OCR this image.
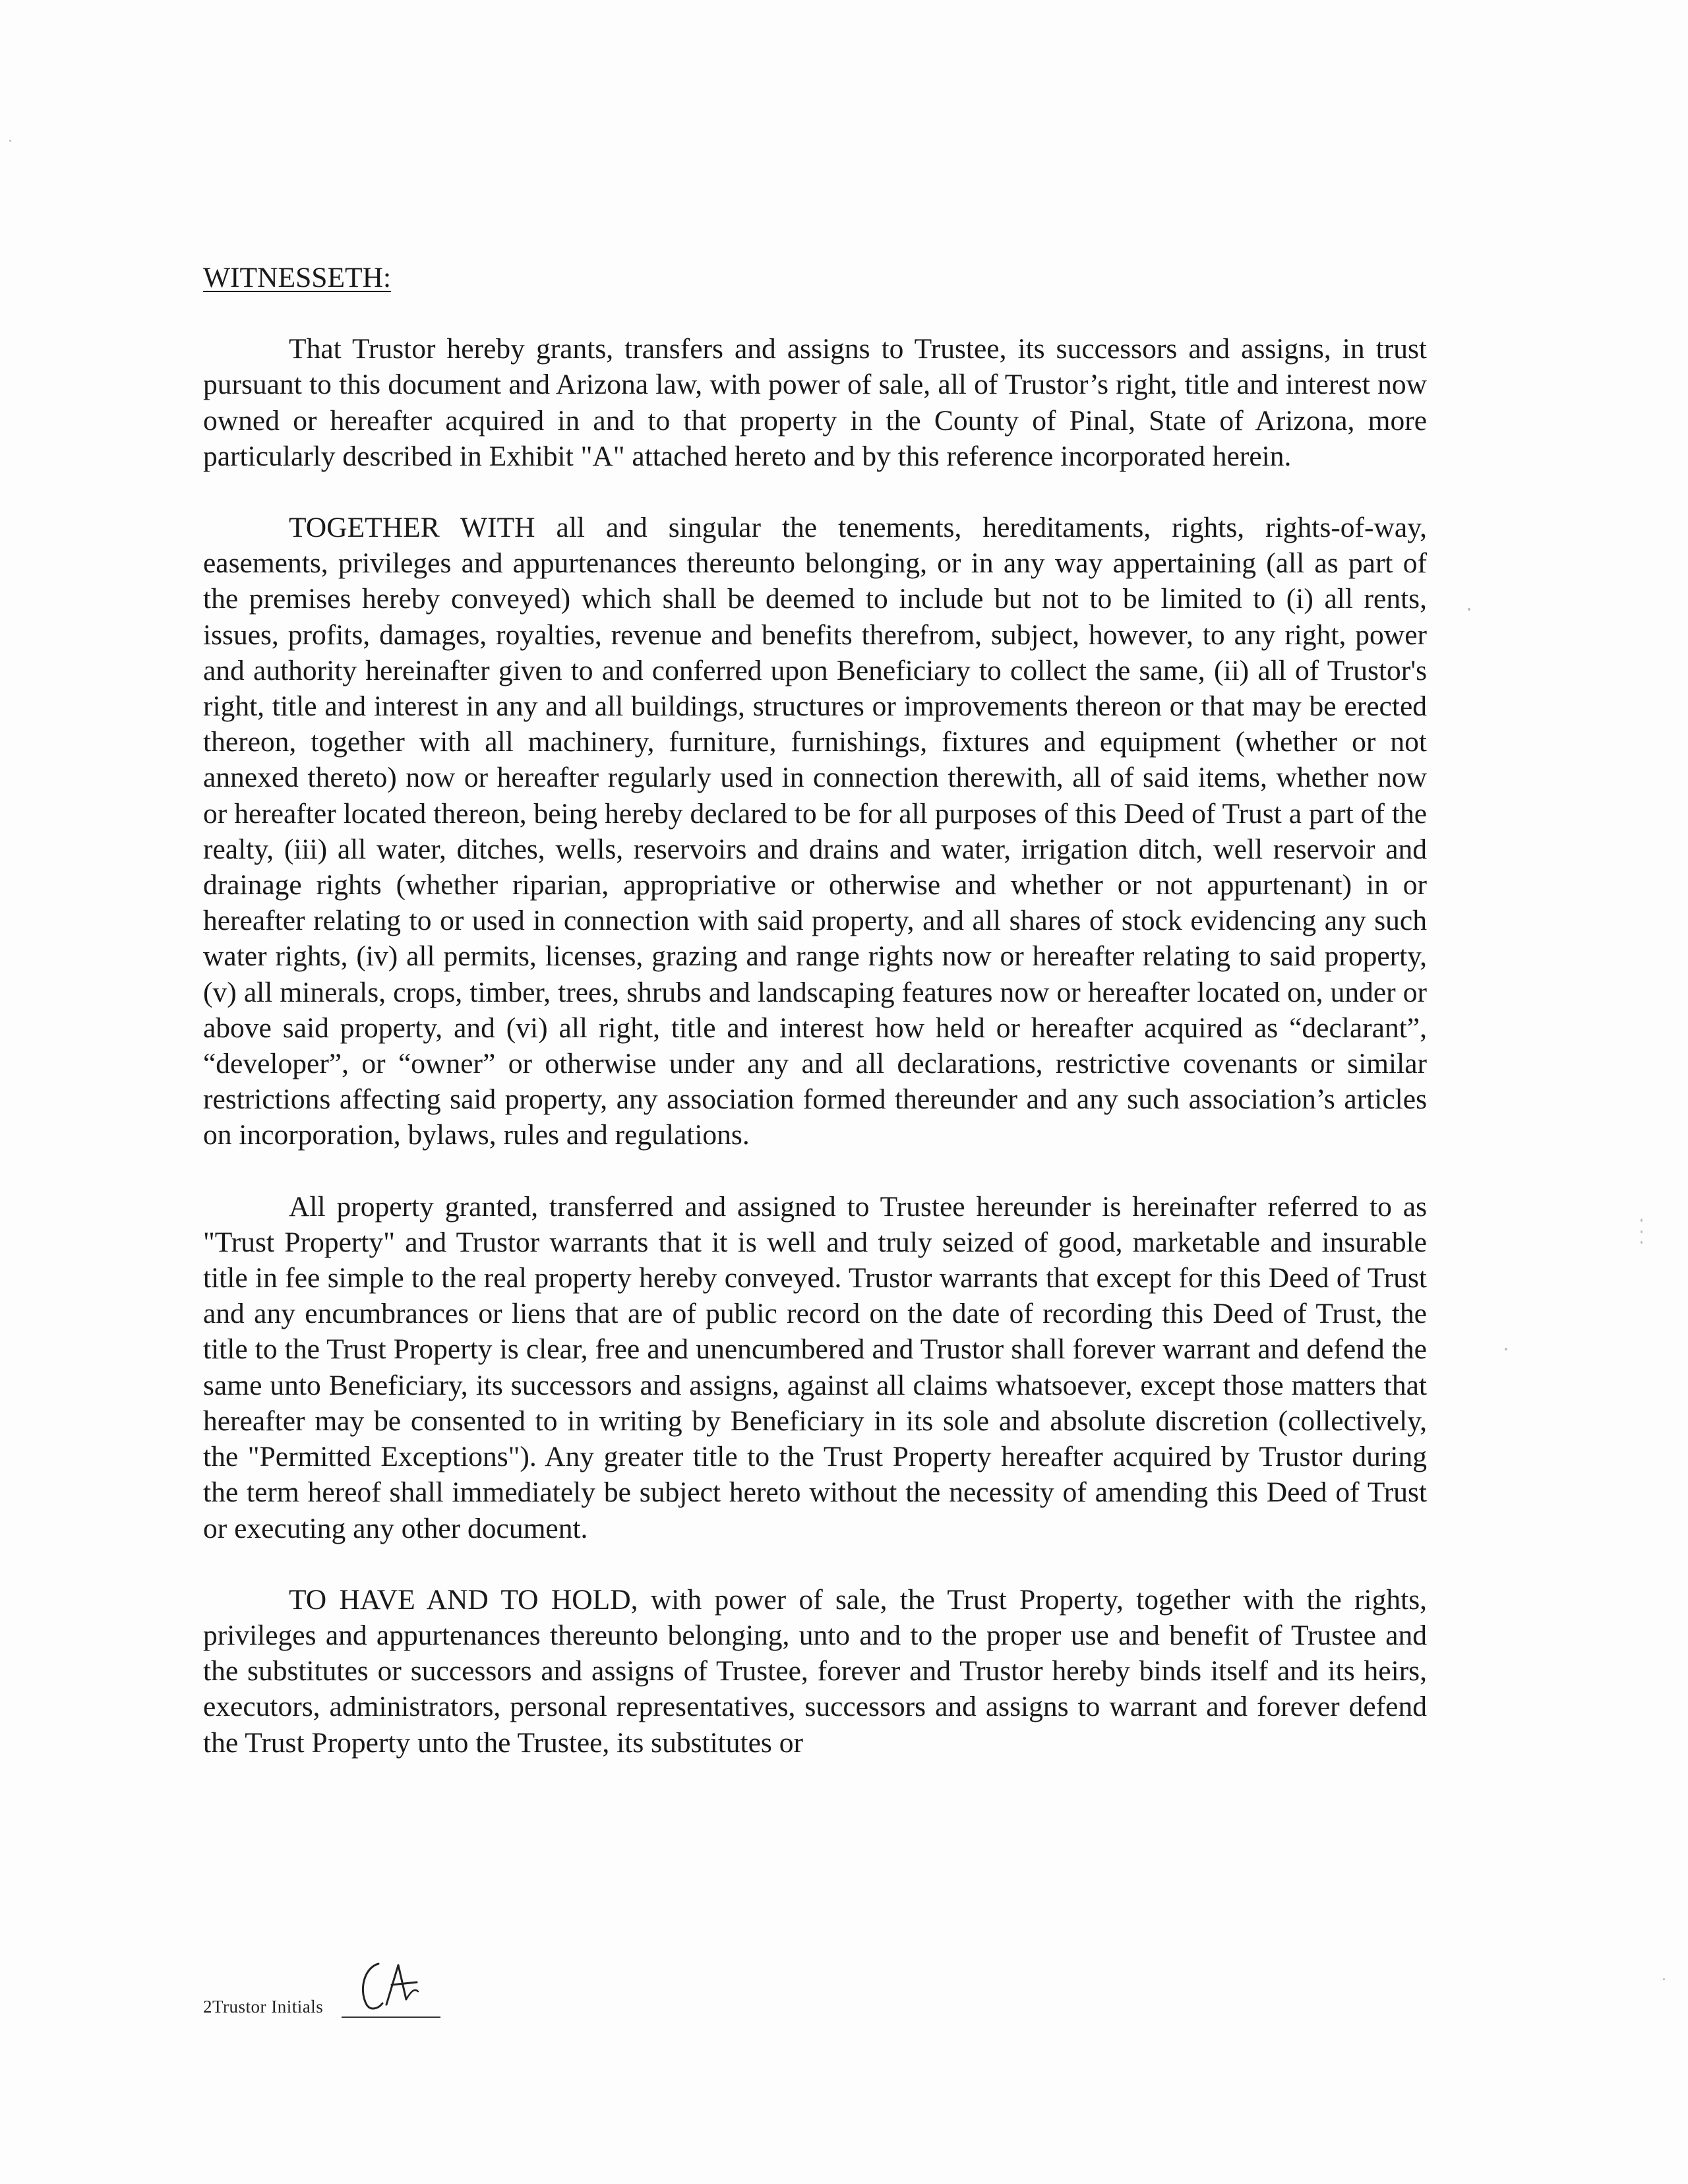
WITNESSETH:

That Trustor hereby grants, transfers and assigns to Trustee, its successors and assigns, in trust pursuant to this document and Arizona law, with power of sale, all of Trustor’s right, title and interest now owned or hereafter acquired in and to that property in the County of Pinal, State of Arizona, more particularly described in Exhibit "A" attached hereto and by this reference incorporated herein.

TOGETHER WITH all and singular the tenements, hereditaments, rights, rights-of-way, easements, privileges and appurtenances thereunto belonging, or in any way appertaining (all as part of the premises hereby conveyed) which shall be deemed to include but not to be limited to (i) all rents, issues, profits, damages, royalties, revenue and benefits therefrom, subject, however, to any right, power and authority hereinafter given to and conferred upon Beneficiary to collect the same, (ii) all of Trustor's right, title and interest in any and all buildings, structures or improvements thereon or that may be erected thereon, together with all machinery, furniture, furnishings, fixtures and equipment (whether or not annexed thereto) now or hereafter regularly used in connection therewith, all of said items, whether now or hereafter located thereon, being hereby declared to be for all purposes of this Deed of Trust a part of the realty, (iii) all water, ditches, wells, reservoirs and drains and water, irrigation ditch, well reservoir and drainage rights (whether riparian, appropriative or otherwise and whether or not appurtenant) in or hereafter relating to or used in connection with said property, and all shares of stock evidencing any such water rights, (iv) all permits, licenses, grazing and range rights now or hereafter relating to said property, (v) all minerals, crops, timber, trees, shrubs and landscaping features now or hereafter located on, under or above said property, and (vi) all right, title and interest how held or hereafter acquired as “declarant”, “developer”, or “owner” or otherwise under any and all declarations, restrictive covenants or similar restrictions affecting said property, any association formed thereunder and any such association’s articles on incorporation, bylaws, rules and regulations.

All property granted, transferred and assigned to Trustee hereunder is hereinafter referred to as "Trust Property" and Trustor warrants that it is well and truly seized of good, marketable and insurable title in fee simple to the real property hereby conveyed. Trustor warrants that except for this Deed of Trust and any encumbrances or liens that are of public record on the date of recording this Deed of Trust, the title to the Trust Property is clear, free and unencumbered and Trustor shall forever warrant and defend the same unto Beneficiary, its successors and assigns, against all claims whatsoever, except those matters that hereafter may be consented to in writing by Beneficiary in its sole and absolute discretion (collectively, the "Permitted Exceptions"). Any greater title to the Trust Property hereafter acquired by Trustor during the term hereof shall immediately be subject hereto without the necessity of amending this Deed of Trust or executing any other document.

TO HAVE AND TO HOLD, with power of sale, the Trust Property, together with the rights, privileges and appurtenances thereunto belonging, unto and to the proper use and benefit of Trustee and the substitutes or successors and assigns of Trustee, forever and Trustor hereby binds itself and its heirs, executors, administrators, personal representatives, successors and assigns to warrant and forever defend the Trust Property unto the Trustee, its substitutes or

2Trustor Initials
